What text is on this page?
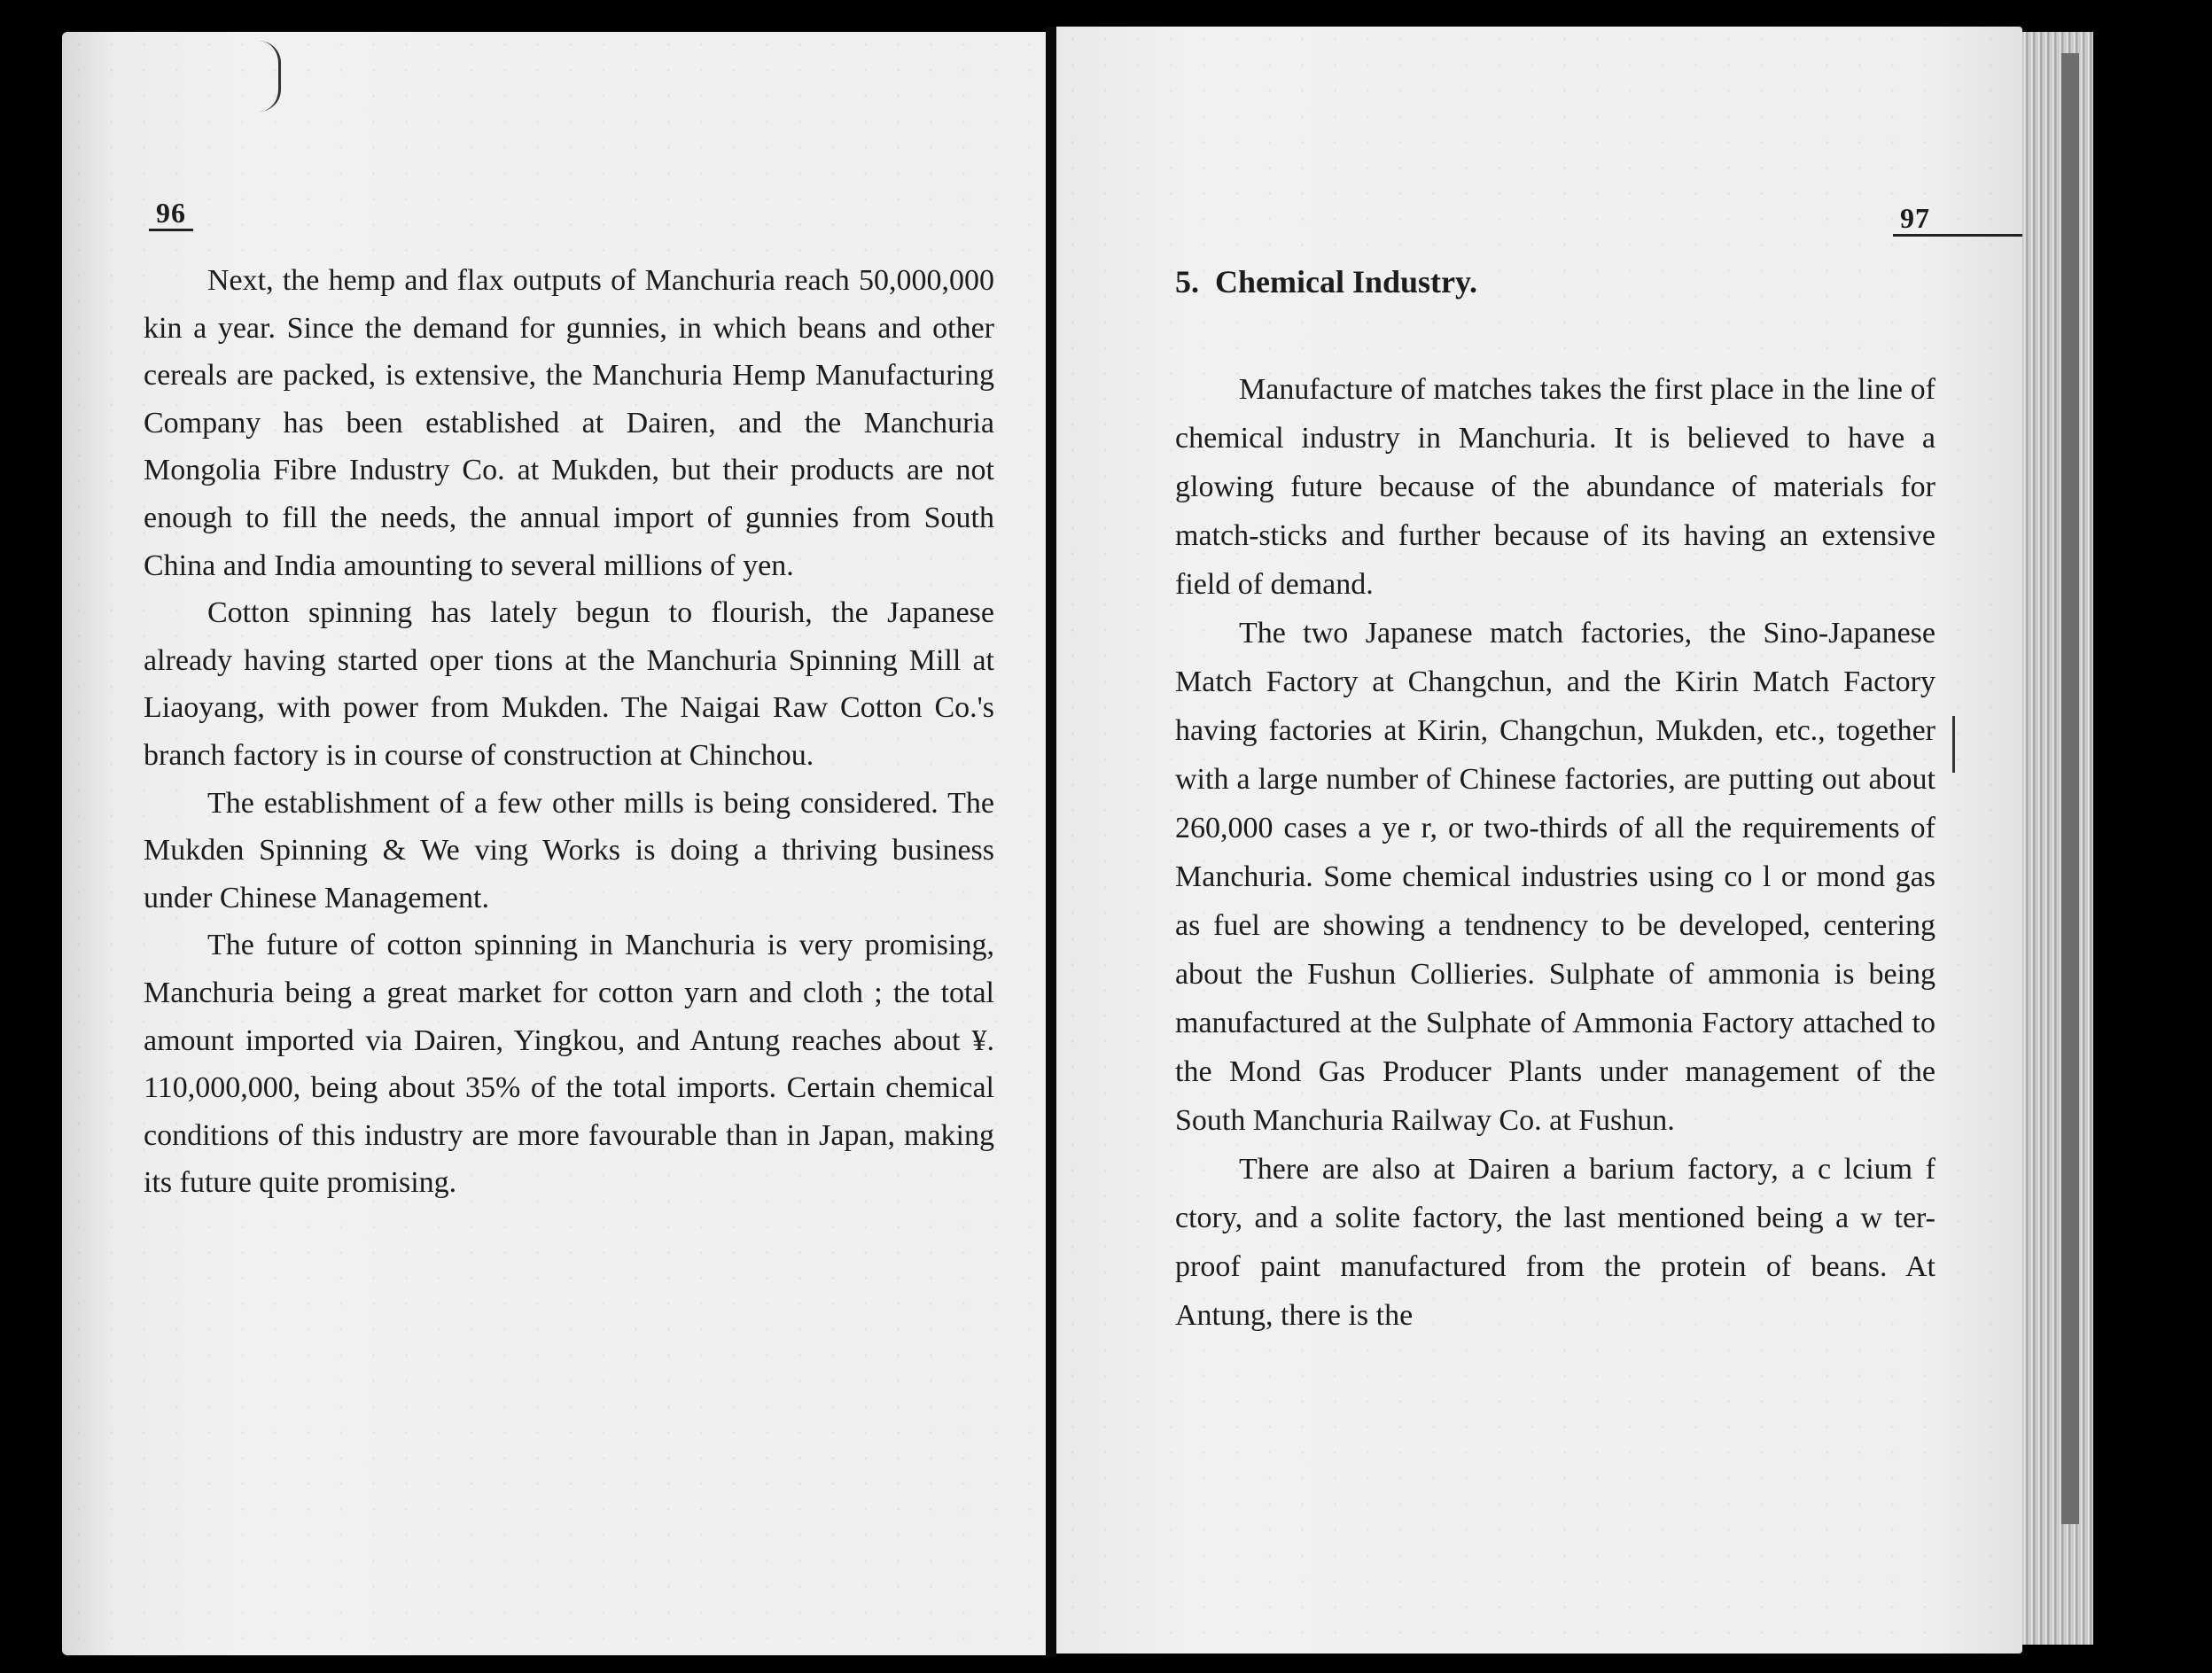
96

Next, the hemp and flax outputs of Manchuria reach 50,000,000 kin a year. Since the demand for gunnies, in which beans and other cereals are packed, is extensive, the Manchuria Hemp Manufacturing Company has been established at Dairen, and the Manchuria Mongolia Fibre Industry Co. at Mukden, but their products are not enough to fill the needs, the annual import of gunnies from South China and India amounting to several millions of yen.

Cotton spinning has lately begun to flourish, the Japanese already having started oper tions at the Manchuria Spinning Mill at Liaoyang, with power from Mukden. The Naigai Raw Cotton Co.'s branch factory is in course of construction at Chinchou.

The establishment of a few other mills is being considered. The Mukden Spinning & We ving Works is doing a thriving business under Chinese Management.

The future of cotton spinning in Manchuria is very promising, Manchuria being a great market for cotton yarn and cloth ; the total amount imported via Dairen, Yingkou, and Antung reaches about ¥. 110,000,000, being about 35% of the total imports. Certain chemical conditions of this industry are more favourable than in Japan, making its future quite promising.

97
5. Chemical Industry.

Manufacture of matches takes the first place in the line of chemical industry in Manchuria. It is believed to have a glowing future because of the abundance of materials for match-sticks and further because of its having an extensive field of demand.

The two Japanese match factories, the Sino-Japanese Match Factory at Changchun, and the Kirin Match Factory having factories at Kirin, Changchun, Mukden, etc., together with a large number of Chinese factories, are putting out about 260,000 cases a ye r, or two-thirds of all the requirements of Manchuria. Some chemical industries using co l or mond gas as fuel are showing a tendnency to be developed, centering about the Fushun Collieries. Sulphate of ammonia is being manufactured at the Sulphate of Ammonia Factory attached to the Mond Gas Producer Plants under management of the South Manchuria Railway Co. at Fushun.

There are also at Dairen a barium factory, a c lcium f ctory, and a solite factory, the last mentioned being a w ter-proof paint manufactured from the protein of beans. At Antung, there is the
